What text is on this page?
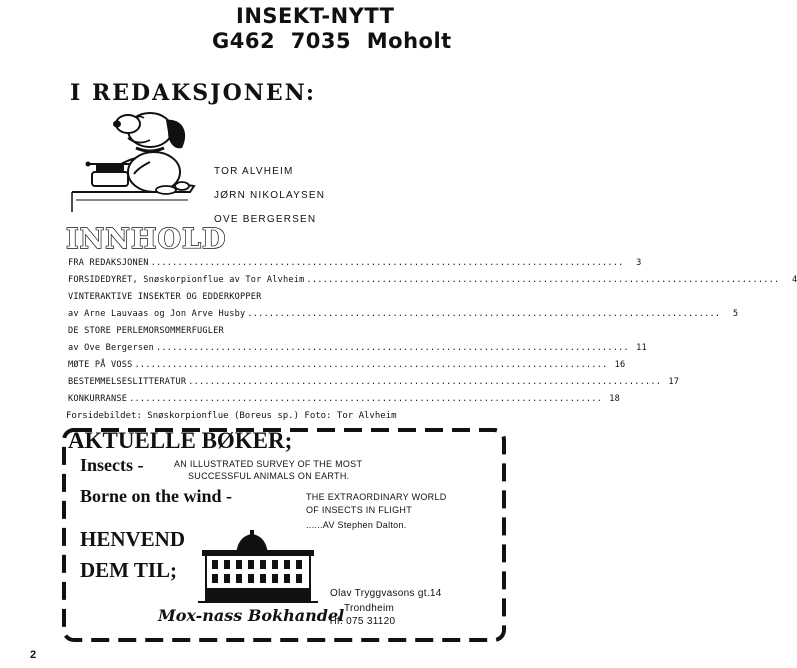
INSEKT-NYTT
G462  7035  Moholt
I REDAKSJONEN:
TOR ALVHEIM
JØRN NIKOLAYSEN
OVE BERGERSEN
INNHOLD
FRA REDAKSJONEN ........................................................................................	3
FORSIDEDYRET, Snøskorpionflue av Tor Alvheim ........................................................................................	4
VINTERAKTIVE INSEKTER OG EDDERKOPPER
av Arne Lauvaas og Jon Arve Husby ........................................................................................	5
DE STORE PERLEMORSOMMERFUGLER
av Ove Bergersen ........................................................................................ 11
MØTE PÅ VOSS ........................................................................................ 16
BESTEMMELSESLITTERATUR ........................................................................................ 17
KONKURRANSE ........................................................................................ 18
Forsidebildet: Snøskorpionflue (Boreus sp.) Foto: Tor Alvheim
AKTUELLE BØKER;
Insects -	AN ILLUSTRATED SURVEY OF THE MOST
SUCCESSFUL ANIMALS ON EARTH.
Borne on the wind -	THE EXTRAORDINARY WORLD
OF INSECTS IN FLIGHT
......AV Stephen Dalton.
HENVEND
DEM TIL;
Olav Tryggvasons gt.14
Trondheim
Tlf. 075 31120
Mox-nass Bokhandel
2
